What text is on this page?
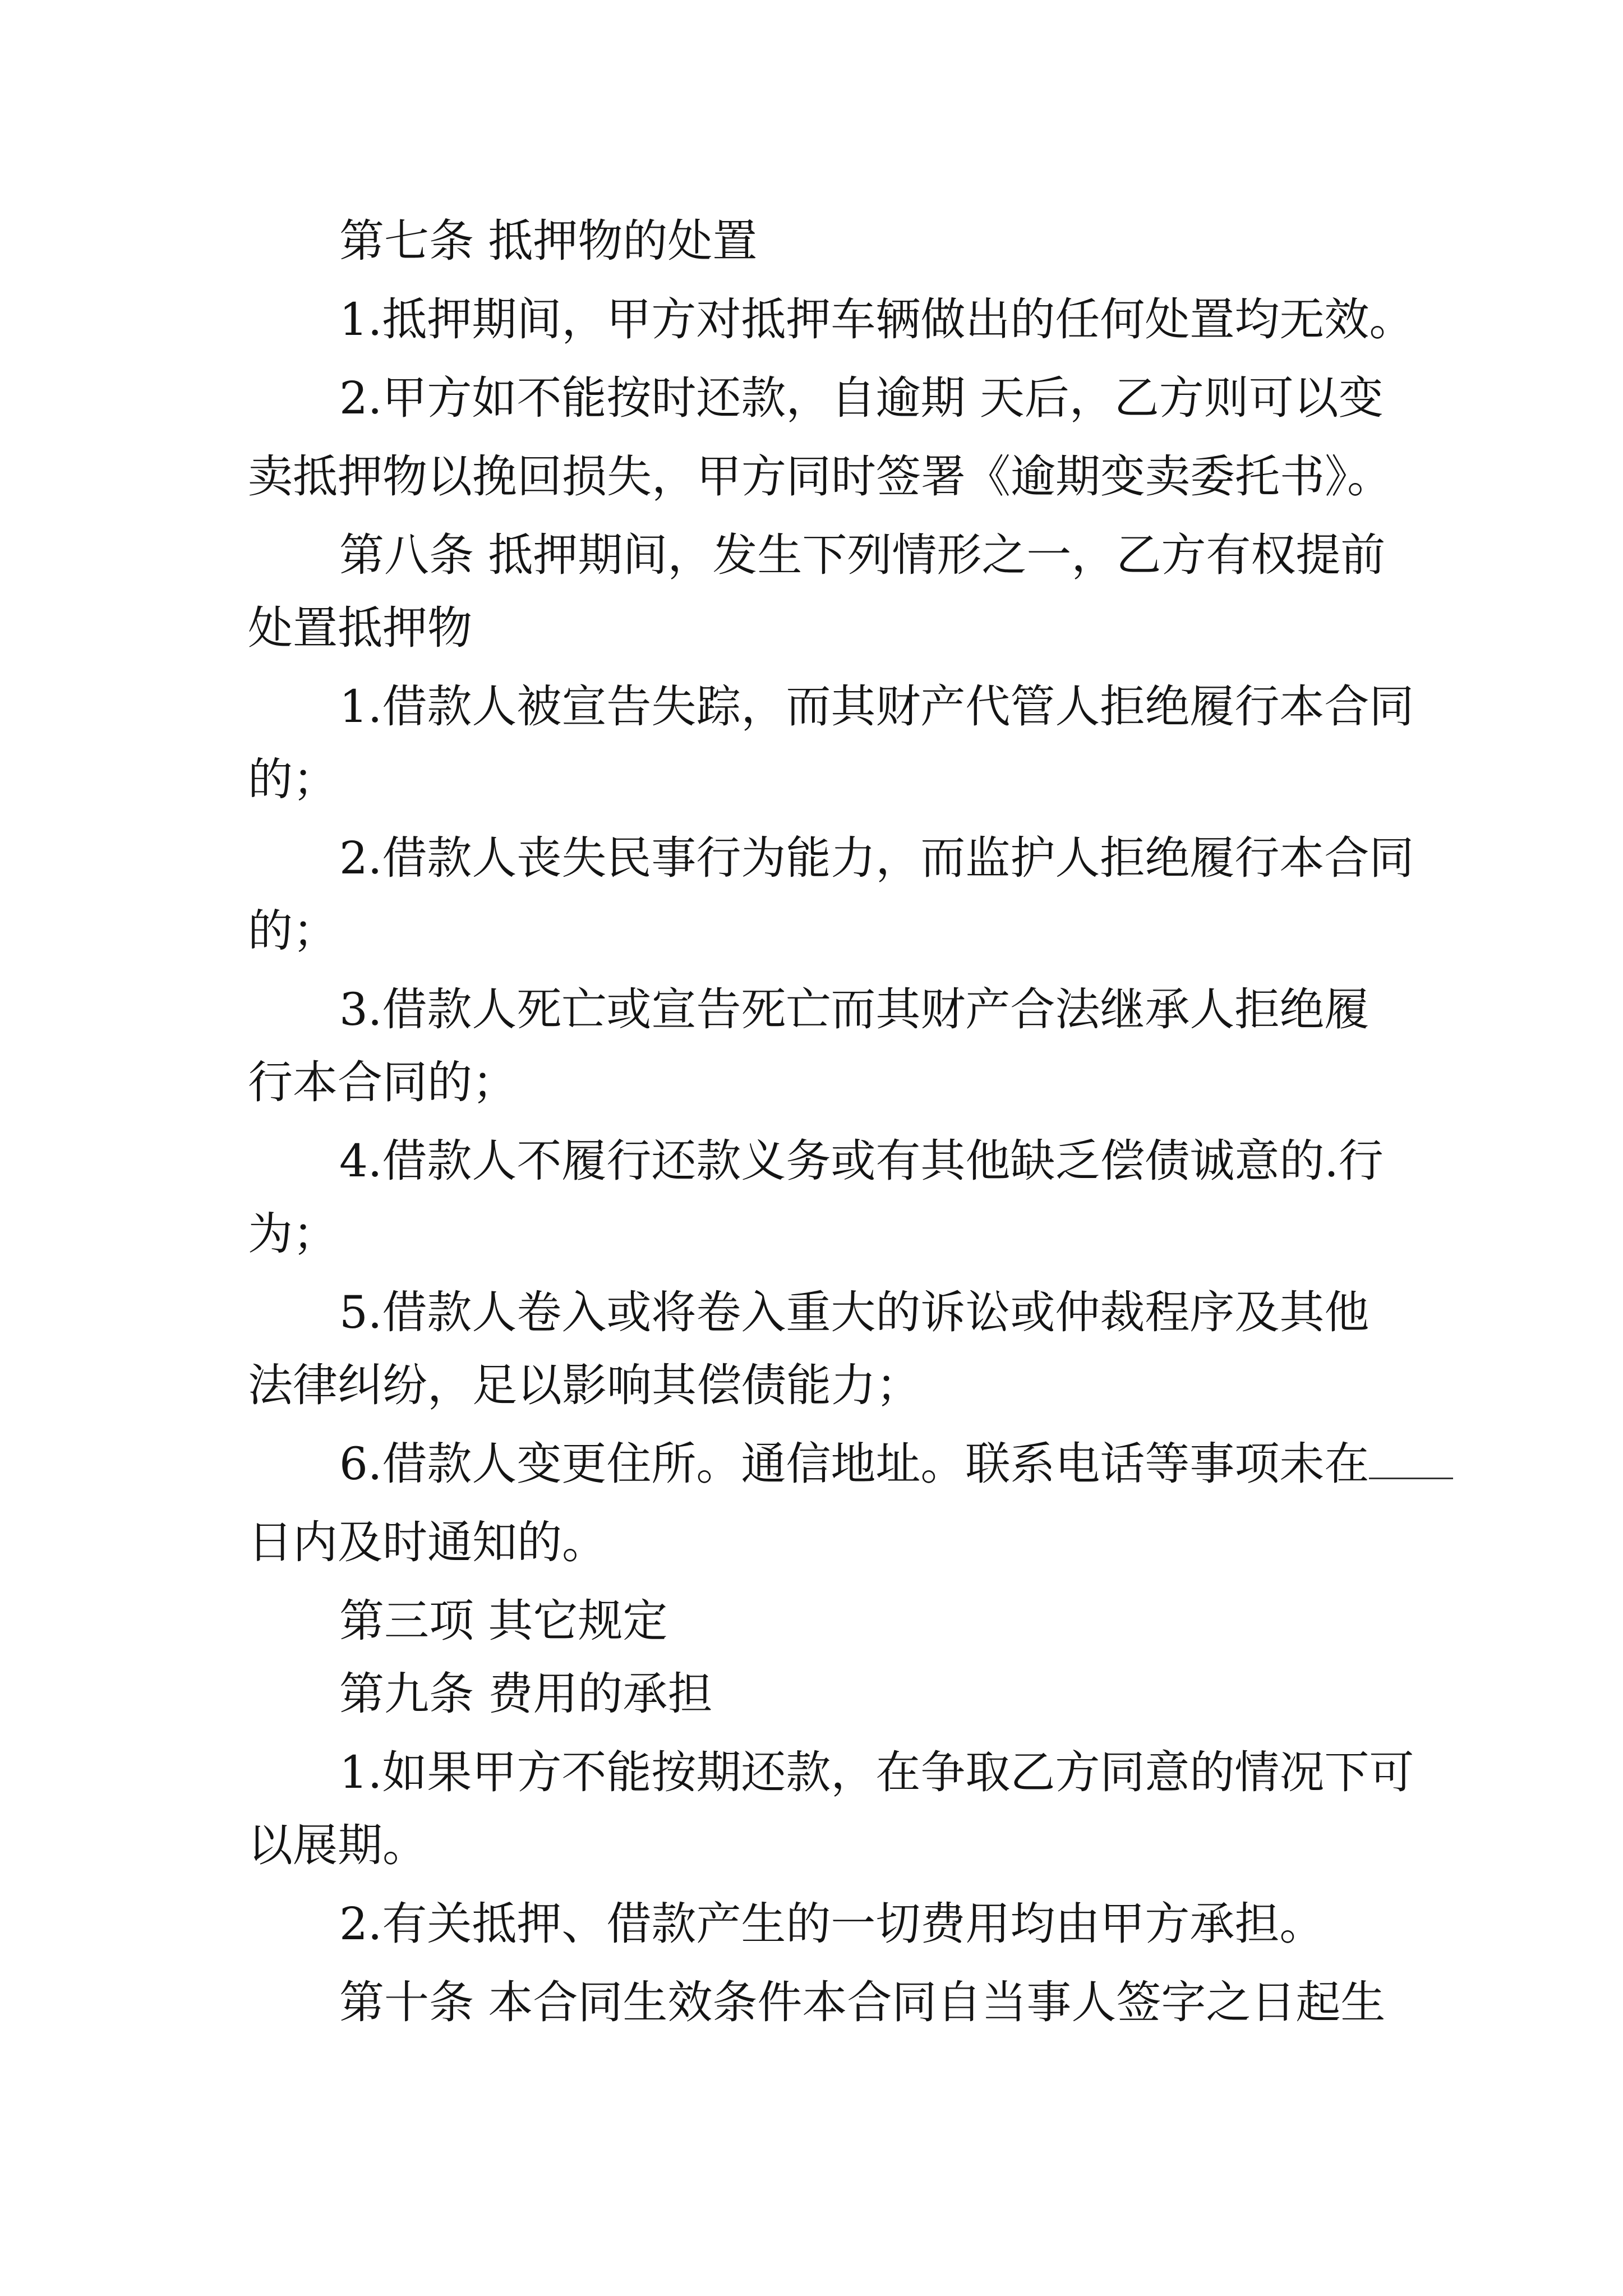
第七条 抵押物的处置
1.抵押期间，甲方对抵押车辆做出的任何处置均无效。
2.甲方如不能按时还款，自逾期 天后，乙方则可以变
卖抵押物以挽回损失，甲方同时签署《逾期变卖委托书》。
第八条 抵押期间，发生下列情形之一，乙方有权提前
处置抵押物
1.借款人被宣告失踪，而其财产代管人拒绝履行本合同
的；
2.借款人丧失民事行为能力，而监护人拒绝履行本合同
的；
3.借款人死亡或宣告死亡而其财产合法继承人拒绝履
行本合同的；
4.借款人不履行还款义务或有其他缺乏偿债诚意的.行
为；
5.借款人卷入或将卷入重大的诉讼或仲裁程序及其他
法律纠纷，足以影响其偿债能力；
6.借款人变更住所。通信地址。联系电话等事项未在
日内及时通知的。
第三项 其它规定
第九条 费用的承担
1.如果甲方不能按期还款，在争取乙方同意的情况下可
以展期。
2.有关抵押、借款产生的一切费用均由甲方承担。
第十条 本合同生效条件本合同自当事人签字之日起生
